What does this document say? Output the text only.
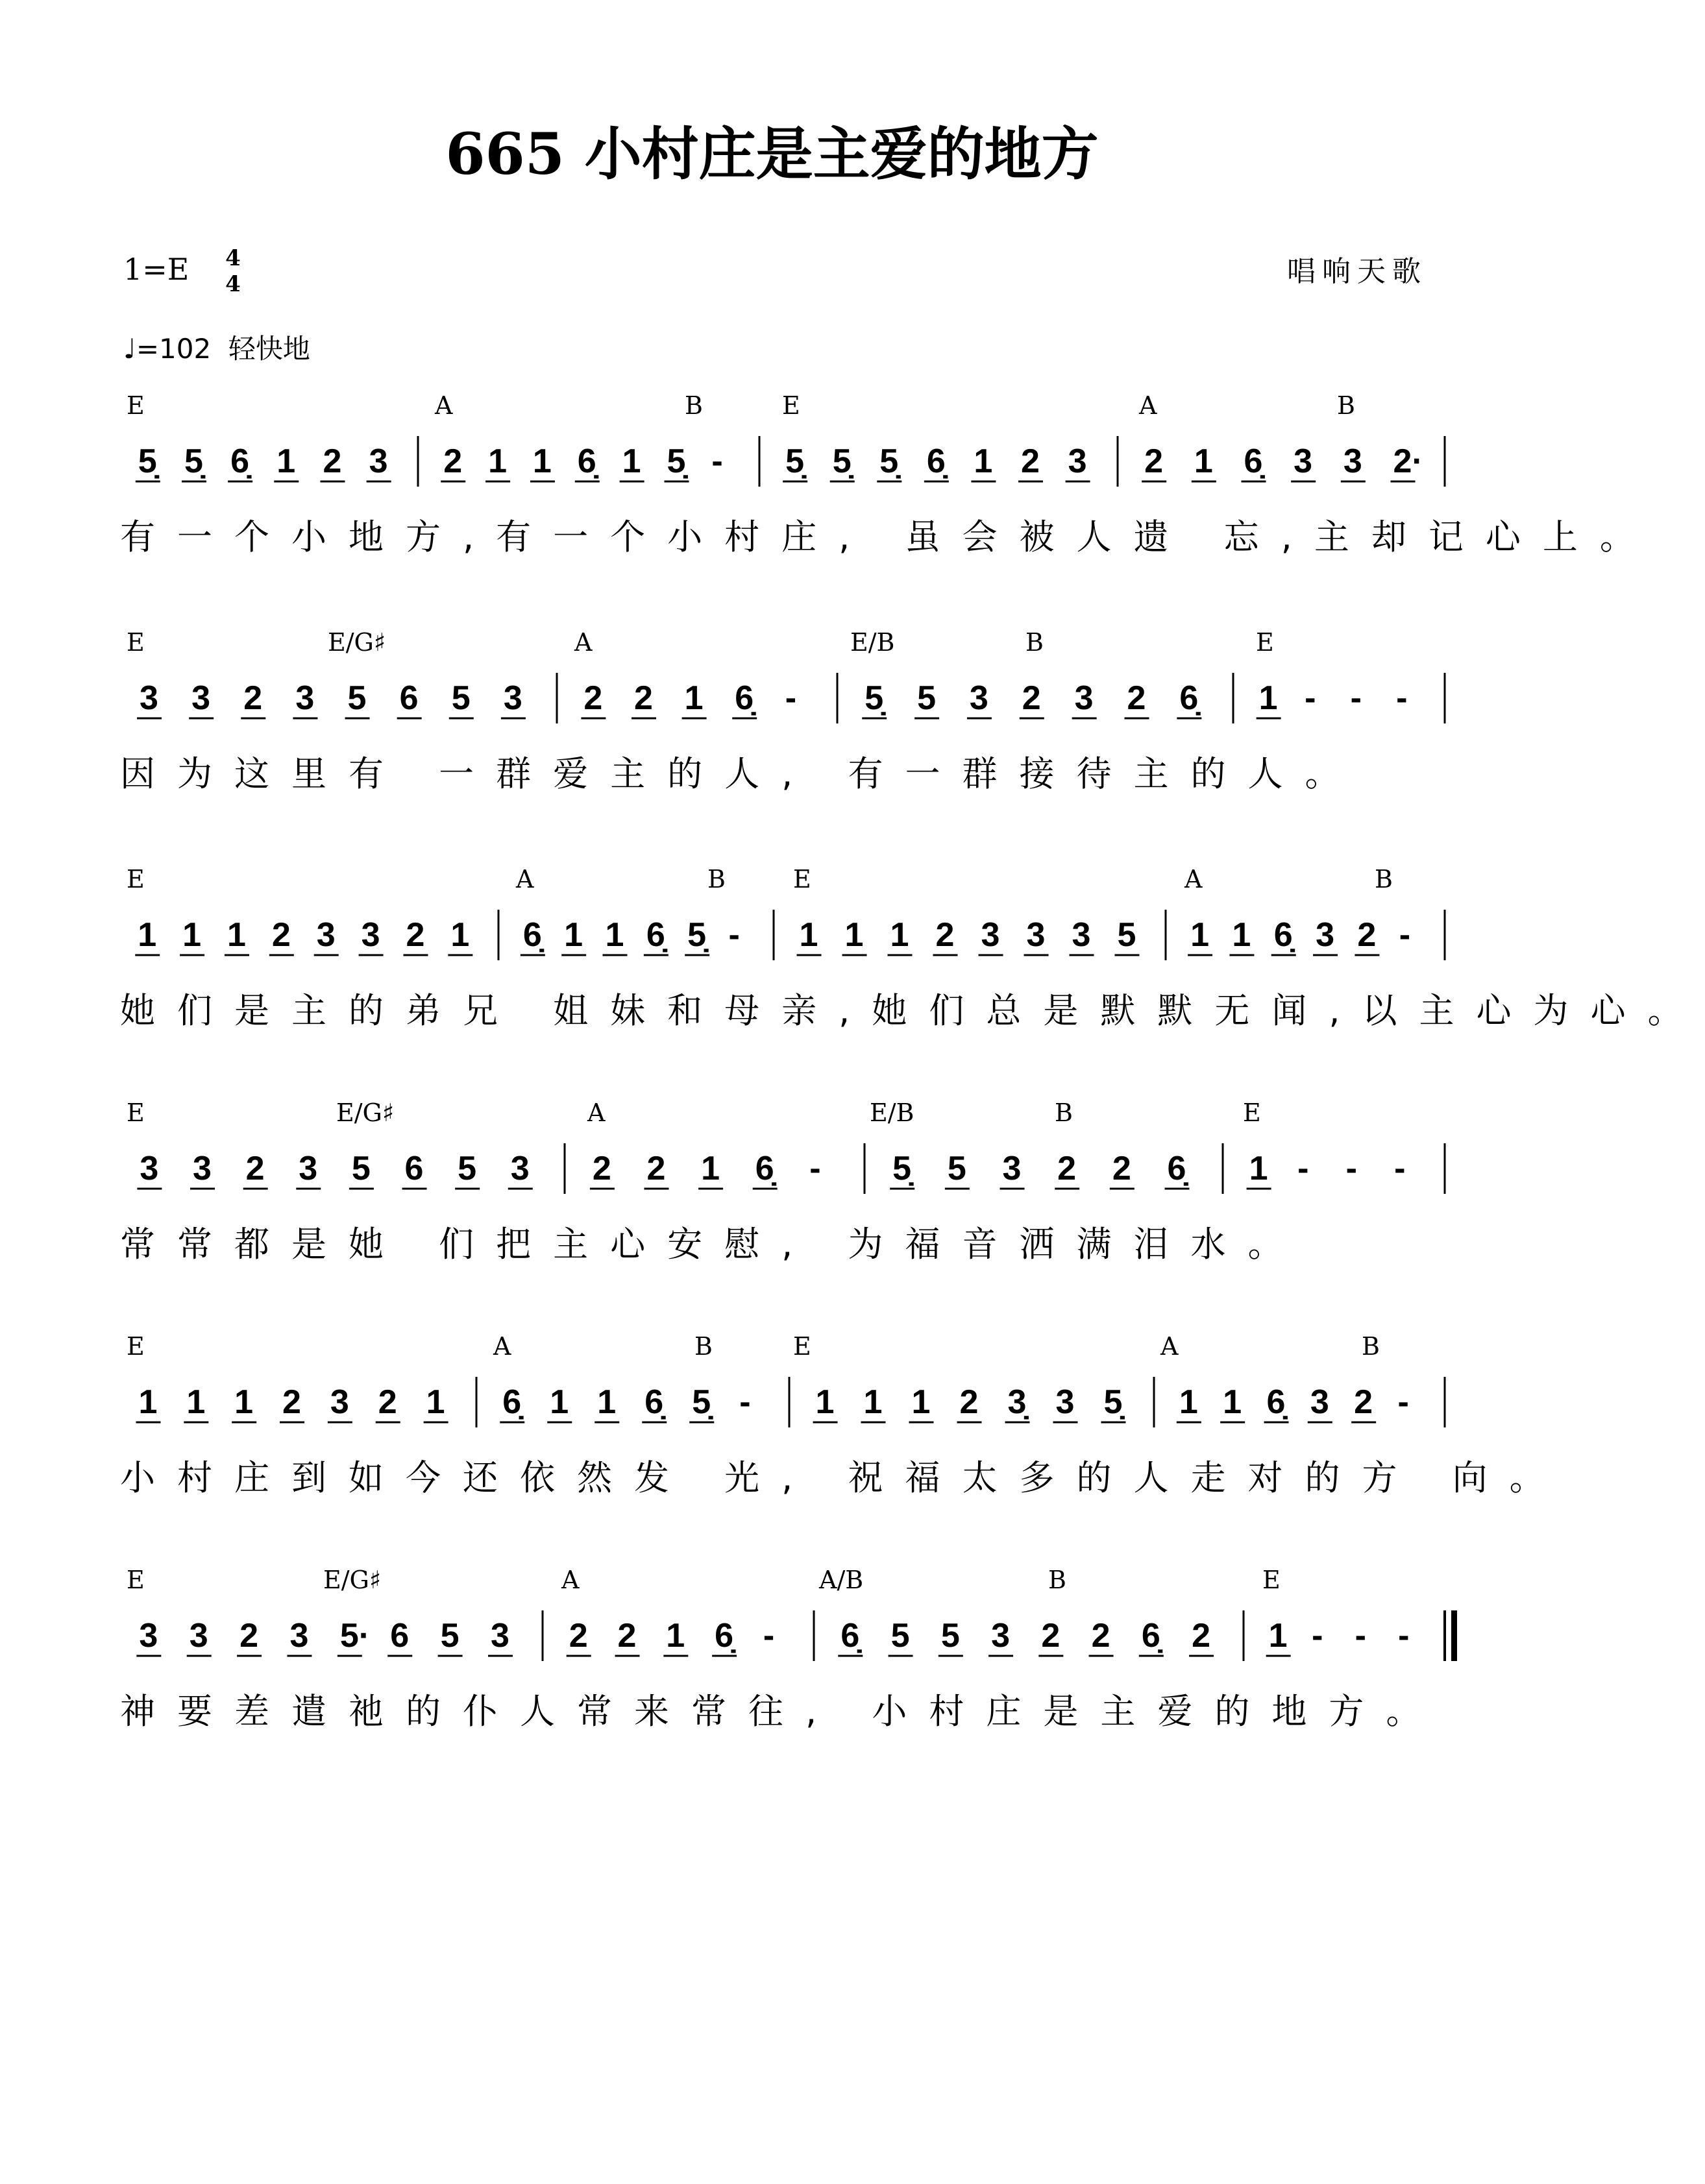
665 小村庄是主爱的地方
1=E 4
4
♩=102 轻快地
唱响天歌
E	A	B	E	A	B
5̣ 5̣ 6̣ 1 2 3 2 1 1 6̣ 1 5̣ - 5̣ 5̣ 5̣ 6̣ 1 2 3 2 1 6̣ 3 3 2·
有一个小地方,有一个小村庄, 虽会被人遗 忘,主却记心上。
E	E/G♯	A	E/B	B	E
3 3 2 3 5 6 5 3 2 2 1 6̣ - 5̣ 5 3 2 3 2 6̣ 1 - - -
因为这里有 一群爱主的人, 有一群接待主的人。
E	A	B	E	A	B
1 1 1 2 3 3 2 1 6̣ 1 1 6̣ 5̣ - 1 1 1 2 3 3 3 5 1 1 6̣ 3 2 -
她们是主的弟兄 姐妹和母亲,她们总是默默无闻,以主心为心。
E	E/G♯	A	E/B	B	E
3 3 2 3 5 6 5 3 2 2 1 6̣ - 5̣ 5 3 2 2 6̣ 1 - - -
常常都是她 们把主心安慰, 为福音洒满泪水。
E	A	B	E	A	B
1 1 1 2 3 2 1 6̣ 1 1 6̣ 5̣ - 1 1 1 2 3̣ 3 5̣ 1 1 6̣ 3 2 -
小村庄到如今还依然发 光, 祝福太多的人走对的方 向。
E	E/G♯	A	A/B	B	E
3 3 2 3 5· 6 5 3 2 2 1 6̣ - 6̣ 5 5 3 2 2 6̣ 2 1 - - -
神要差遣祂的仆人常来常往, 小村庄是主爱的地方。
